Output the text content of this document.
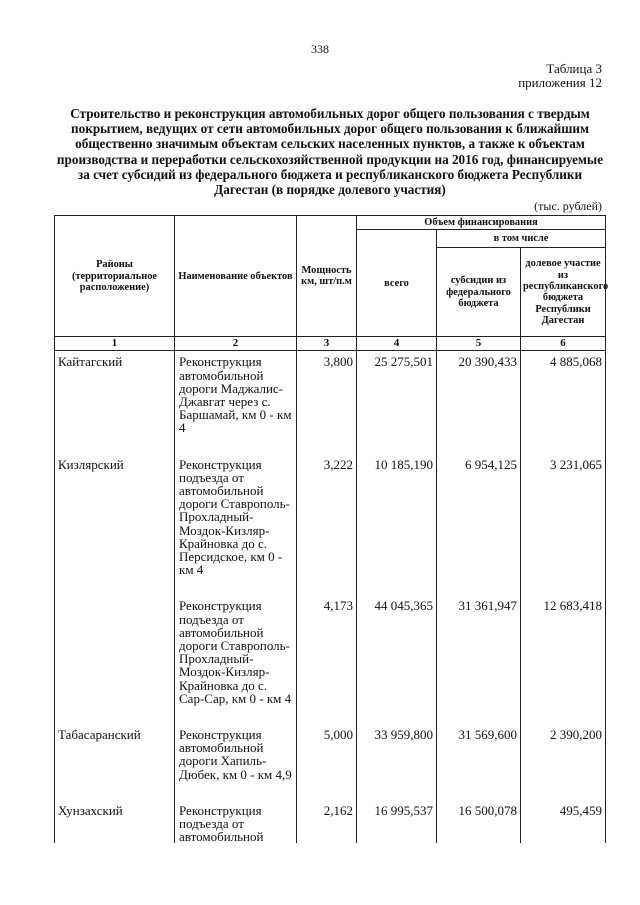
338
Таблица 3
приложения 12
Строительство и реконструкция автомобильных дорог общего пользования с твердым покрытием, ведущих от сети автомобильных дорог общего пользования к ближайшим общественно значимым объектам сельских населенных пунктов, а также к объектам производства и переработки сельскохозяйственной продукции на 2016 год, финансируемые за счет субсидий из федерального бюджета и республиканского бюджета Республики Дагестан (в порядке долевого участия)
(тыс. рублей)
Районы (территориальное расположение)	Наименование объектов	Мощность км, шт/п.м	Объем финансирования		
			всего	в том числе	
				субсидии из федерального бюджета	долевое участие из республиканского бюджета Республики Дагестан
1	2	3	4	5	6
Кайтагский	Реконструкция автомобильной дороги Маджалис-Джавгат через с. Баршамай, км 0 - км 4	3,800	25 275,501	20 390,433	4 885,068
Кизлярский	Реконструкция подъезда от автомобильной дороги Ставрополь-Прохладный-Моздок-Кизляр-Крайновка до с. Персидское, км 0 - км 4	3,222	10 185,190	6 954,125	3 231,065
	Реконструкция подъезда от автомобильной дороги Ставрополь-Прохладный-Моздок-Кизляр-Крайновка до с. Сар-Сар, км 0 - км 4	4,173	44 045,365	31 361,947	12 683,418
Табасаранский	Реконструкция автомобильной дороги Хапиль-Дюбек, км 0 - км 4,9	5,000	33 959,800	31 569,600	2 390,200
Хунзахский	Реконструкция подъезда от автомобильной	2,162	16 995,537	16 500,078	495,459
